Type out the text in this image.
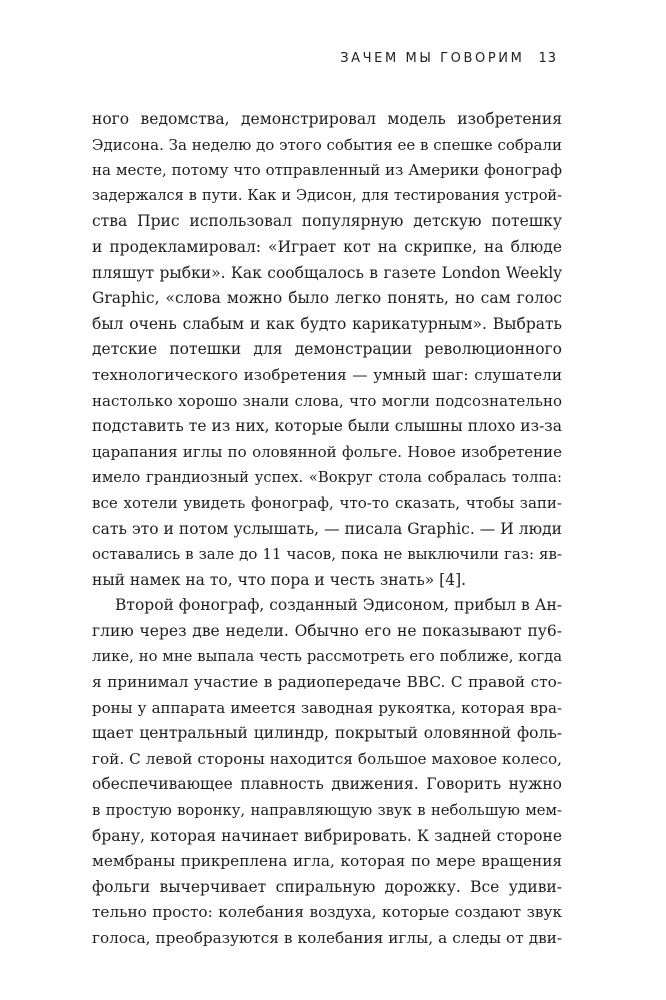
ЗАЧЕМ МЫ ГОВОРИМ 13
ного ведомства, демонстрировал модель изобретения
Эдисона. За неделю до этого события ее в спешке собрали
на месте, потому что отправленный из Америки фонограф
задержался в пути. Как и Эдисон, для тестирования устрой-
ства Прис использовал популярную детскую потешку
и продекламировал: «Играет кот на скрипке, на блюде
пляшут рыбки». Как сообщалось в газете London Weekly
Graphic, «слова можно было легко понять, но сам голос
был очень слабым и как будто карикатурным». Выбрать
детские потешки для демонстрации революционного
технологического изобретения — умный шаг: слушатели
настолько хорошо знали слова, что могли подсознательно
подставить те из них, которые были слышны плохо из-за
царапания иглы по оловянной фольге. Новое изобретение
имело грандиозный успех. «Вокруг стола собралась толпа:
все хотели увидеть фонограф, что-то сказать, чтобы запи-
сать это и потом услышать, — писала Graphic. — И люди
оставались в зале до 11 часов, пока не выключили газ: яв-
ный намек на то, что пора и честь знать» [4].
Второй фонограф, созданный Эдисоном, прибыл в Ан-
глию через две недели. Обычно его не показывают пу6-
лике, но мне выпала честь рассмотреть его поближе, когда
я принимал участие в радиопередаче BBC. С правой сто-
роны у аппарата имеется заводная рукоятка, которая вра-
щает центральный цилиндр, покрытый оловянной фоль-
гой. С левой стороны находится большое маховое колесо,
обеспечивающее плавность движения. Говорить нужно
в простую воронку, направляющую звук в небольшую мем-
брану, которая начинает вибрировать. К задней стороне
мембраны прикреплена игла, которая по мере вращения
фольги вычерчивает спиральную дорожку. Все удиви-
тельно просто: колебания воздуха, которые создают звук
голоса, преобразуются в колебания иглы, а следы от дви-
